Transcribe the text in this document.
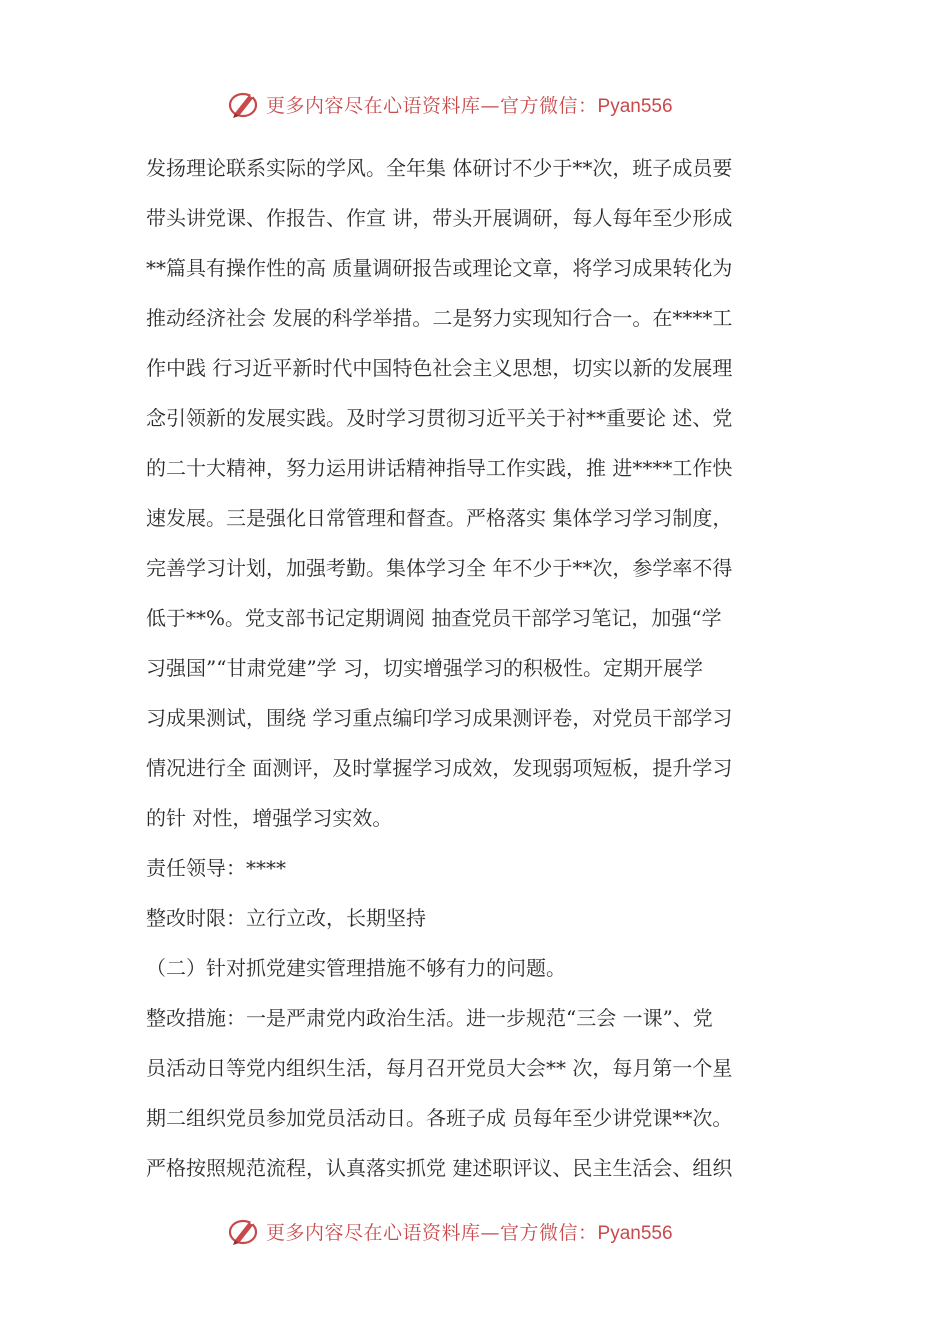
更多内容尽在心语资料库—官方微信：Pyan556
发扬理论联系实际的学风。全年集 体研讨不少于**次，班子成员要
带头讲党课、作报告、作宣 讲，带头开展调研，每人每年至少形成
**篇具有操作性的高 质量调研报告或理论文章，将学习成果转化为
推动经济社会 发展的科学举措。二是努力实现知行合一。在****工
作中践 行习近平新时代中国特色社会主义思想，切实以新的发展理
念引领新的发展实践。及时学习贯彻习近平关于衬**重要论 述、党
的二十大精神，努力运用讲话精神指导工作实践，推 进****工作快
速发展。三是强化日常管理和督查。严格落实 集体学习学习制度，
完善学习计划，加强考勤。集体学习全 年不少于**次，参学率不得
低于**%。党支部书记定期调阅 抽查党员干部学习笔记，加强“学
习强国”“甘肃党建”学 习，切实增强学习的积极性。定期开展学
习成果测试，围绕 学习重点编印学习成果测评卷，对党员干部学习
情况进行全 面测评，及时掌握学习成效，发现弱项短板，提升学习
的针 对性，增强学习实效。
责任领导：****
整改时限：立行立改，长期坚持
（二）针对抓党建实管理措施不够有力的问题。
整改措施：一是严肃党内政治生活。进一步规范“三会 一课”、党
员活动日等党内组织生活，每月召开党员大会** 次，每月第一个星
期二组织党员参加党员活动日。各班子成 员每年至少讲党课**次。
严格按照规范流程，认真落实抓党 建述职评议、民主生活会、组织
更多内容尽在心语资料库—官方微信：Pyan556
